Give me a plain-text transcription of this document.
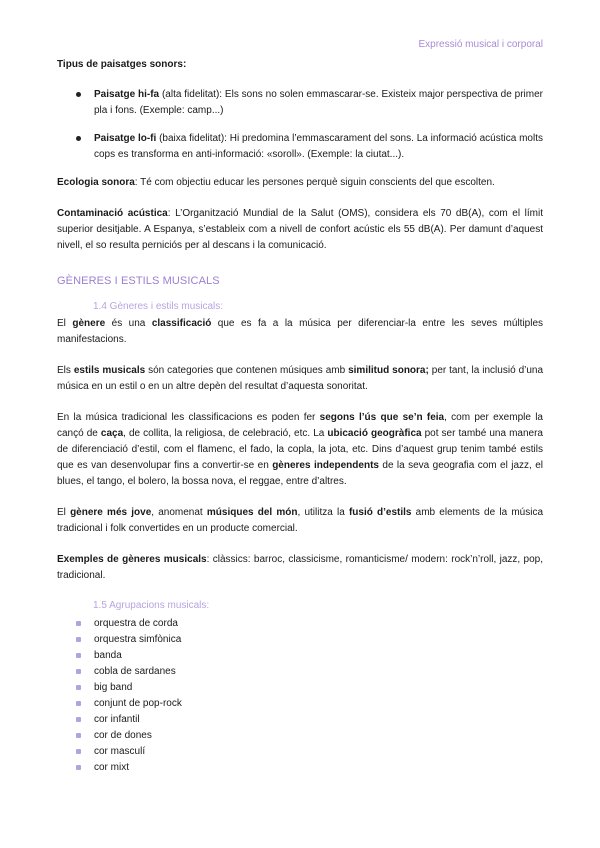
Expressió musical i corporal

Tipus de paisatges sonors:

Paisatge hi-fa (alta fidelitat): Els sons no solen emmascarar-se. Existeix major perspectiva de primer pla i fons. (Exemple: camp...)

Paisatge lo-fi (baixa fidelitat): Hi predomina l’emmascarament del sons. La informació acústica molts cops es transforma en anti-informació: «soroll». (Exemple: la ciutat...).

Ecologia sonora: Té com objectiu educar les persones perquè siguin conscients del que escolten.

Contaminació acústica: L’Organització Mundial de la Salut (OMS), considera els 70 dB(A), com el límit superior desitjable. A Espanya, s’estableix com a nivell de confort acústic els 55 dB(A). Per damunt d’aquest nivell, el so resulta perniciós per al descans i la comunicació.

GÈNERES I ESTILS MUSICALS
1.4 Gèneres i estils musicals:

El gènere és una classificació que es fa a la música per diferenciar-la entre les seves múltiples manifestacions.

Els estils musicals són categories que contenen músiques amb similitud sonora; per tant, la inclusió d’una música en un estil o en un altre depèn del resultat d’aquesta sonoritat.

En la música tradicional les classificacions es poden fer segons l’ús que se’n feia, com per exemple la cançó de caça, de collita, la religiosa, de celebració, etc. La ubicació geogràfica pot ser també una manera de diferenciació d’estil, com el flamenc, el fado, la copla, la jota, etc. Dins d’aquest grup tenim també estils que es van desenvolupar fins a convertir-se en gèneres independents de la seva geografia com el jazz, el blues, el tango, el bolero, la bossa nova, el reggae, entre d’altres.

El gènere més jove, anomenat músiques del món, utilitza la fusió d’estils amb elements de la música tradicional i folk convertides en un producte comercial.

Exemples de gèneres musicals: clàssics: barroc, classicisme, romanticisme/ modern: rock’n’roll, jazz, pop, tradicional.

1.5 Agrupacions musicals:
orquestra de corda
orquestra simfònica
banda
cobla de sardanes
big band
conjunt de pop-rock
cor infantil
cor de dones
cor masculí
cor mixt
